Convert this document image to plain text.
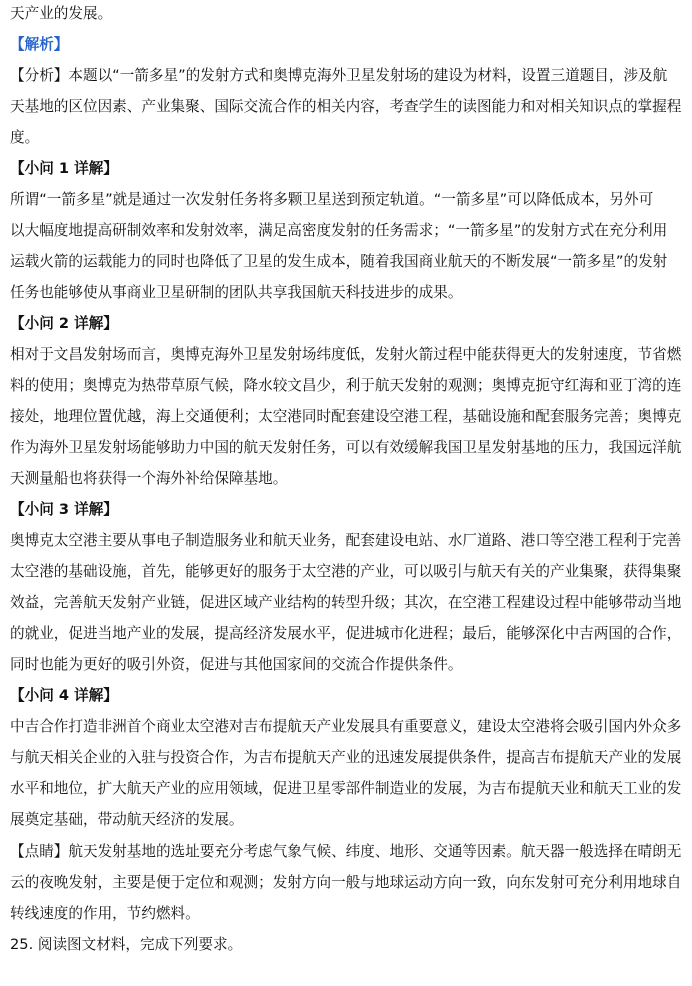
天产业的发展。
【解析】
【分析】本题以“一箭多星”的发射方式和奥博克海外卫星发射场的建设为材料，设置三道题目，涉及航
天基地的区位因素、产业集聚、国际交流合作的相关内容，考查学生的读图能力和对相关知识点的掌握程
度。
【小问 1 详解】
所谓“一箭多星”就是通过一次发射任务将多颗卫星送到预定轨道。“一箭多星”可以降低成本，另外可
以大幅度地提高研制效率和发射效率，满足高密度发射的任务需求；“一箭多星”的发射方式在充分利用
运载火箭的运载能力的同时也降低了卫星的发生成本，随着我国商业航天的不断发展“一箭多星”的发射
任务也能够使从事商业卫星研制的团队共享我国航天科技进步的成果。
【小问 2 详解】
相对于文昌发射场而言，奥博克海外卫星发射场纬度低，发射火箭过程中能获得更大的发射速度，节省燃
料的使用；奥博克为热带草原气候，降水较文昌少，利于航天发射的观测；奥博克扼守红海和亚丁湾的连
接处，地理位置优越，海上交通便利；太空港同时配套建设空港工程，基础设施和配套服务完善；奥博克
作为海外卫星发射场能够助力中国的航天发射任务，可以有效缓解我国卫星发射基地的压力，我国远洋航
天测量船也将获得一个海外补给保障基地。
【小问 3 详解】
奥博克太空港主要从事电子制造服务业和航天业务，配套建设电站、水厂道路、港口等空港工程利于完善
太空港的基础设施，首先，能够更好的服务于太空港的产业，可以吸引与航天有关的产业集聚，获得集聚
效益，完善航天发射产业链，促进区域产业结构的转型升级；其次，在空港工程建设过程中能够带动当地
的就业，促进当地产业的发展，提高经济发展水平，促进城市化进程；最后，能够深化中吉两国的合作，
同时也能为更好的吸引外资，促进与其他国家间的交流合作提供条件。
【小问 4 详解】
中吉合作打造非洲首个商业太空港对吉布提航天产业发展具有重要意义，建设太空港将会吸引国内外众多
与航天相关企业的入驻与投资合作，为吉布提航天产业的迅速发展提供条件，提高吉布提航天产业的发展
水平和地位，扩大航天产业的应用领域，促进卫星零部件制造业的发展，为吉布提航天业和航天工业的发
展奠定基础，带动航天经济的发展。
【点睛】航天发射基地的选址要充分考虑气象气候、纬度、地形、交通等因素。航天器一般选择在晴朗无
云的夜晚发射，主要是便于定位和观测；发射方向一般与地球运动方向一致，向东发射可充分利用地球自
转线速度的作用，节约燃料。
25. 阅读图文材料，完成下列要求。
